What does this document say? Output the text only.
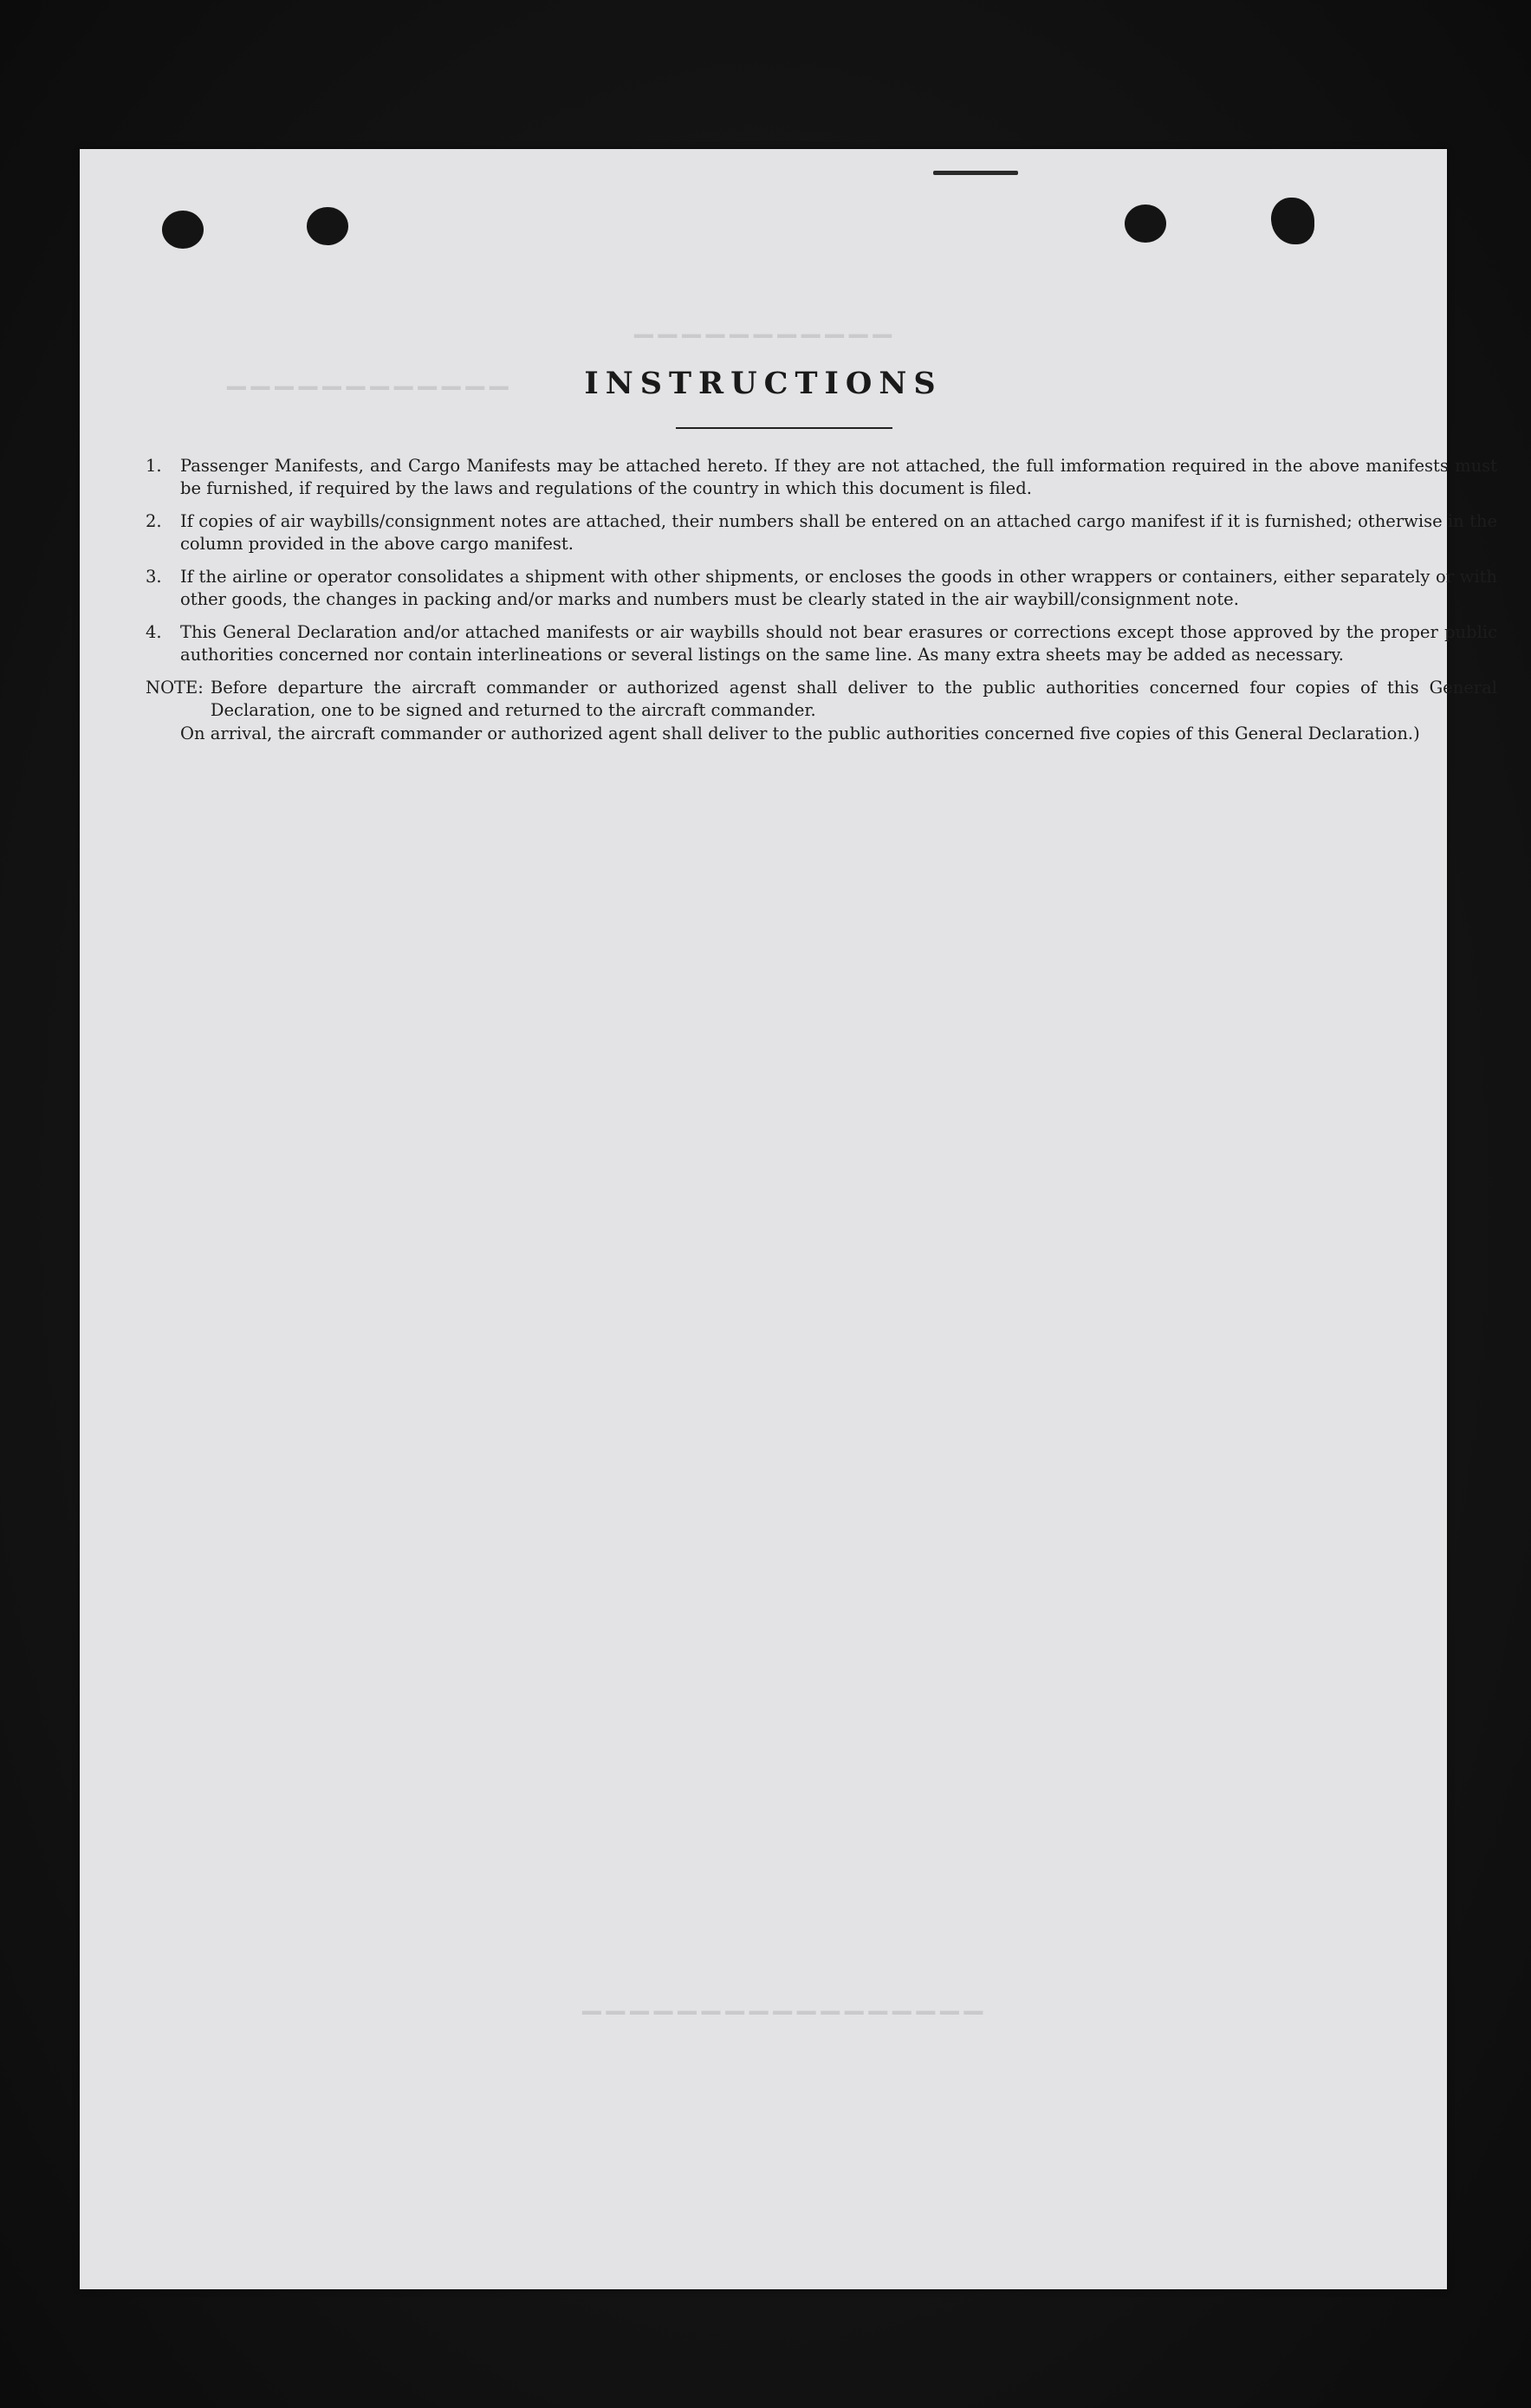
▁▁▁▁▁▁▁▁▁▁▁
▁▁▁▁▁▁▁▁▁▁▁▁
▁▁▁▁▁▁▁▁▁▁▁▁▁▁▁▁▁
INSTRUCTIONS
1.	Passenger Manifests, and Cargo Manifests may be attached hereto. If they are not attached, the full imformation required in the above manifests must be furnished, if required by the laws and regulations of the country in which this document is filed.
2.	If copies of air waybills/consignment notes are attached, their numbers shall be entered on an attached cargo manifest if it is furnished; otherwise in the column provided in the above cargo manifest.
3.	If the airline or operator consolidates a shipment with other shipments, or encloses the goods in other wrappers or containers, either separately or with other goods, the changes in packing and/or marks and numbers must be clearly stated in the air waybill/consignment note.
4.	This General Declaration and/or attached manifests or air waybills should not bear erasures or corrections except those approved by the proper public authorities concerned nor contain interlineations or several listings on the same line. As many extra sheets may be added as necessary.
NOTE: Before departure the aircraft commander or authorized agenst shall deliver to the public authorities concerned four copies of this General Declaration, one to be signed and returned to the aircraft commander.
On arrival, the aircraft commander or authorized agent shall deliver to the public authorities concerned five copies of this General Declaration.)
